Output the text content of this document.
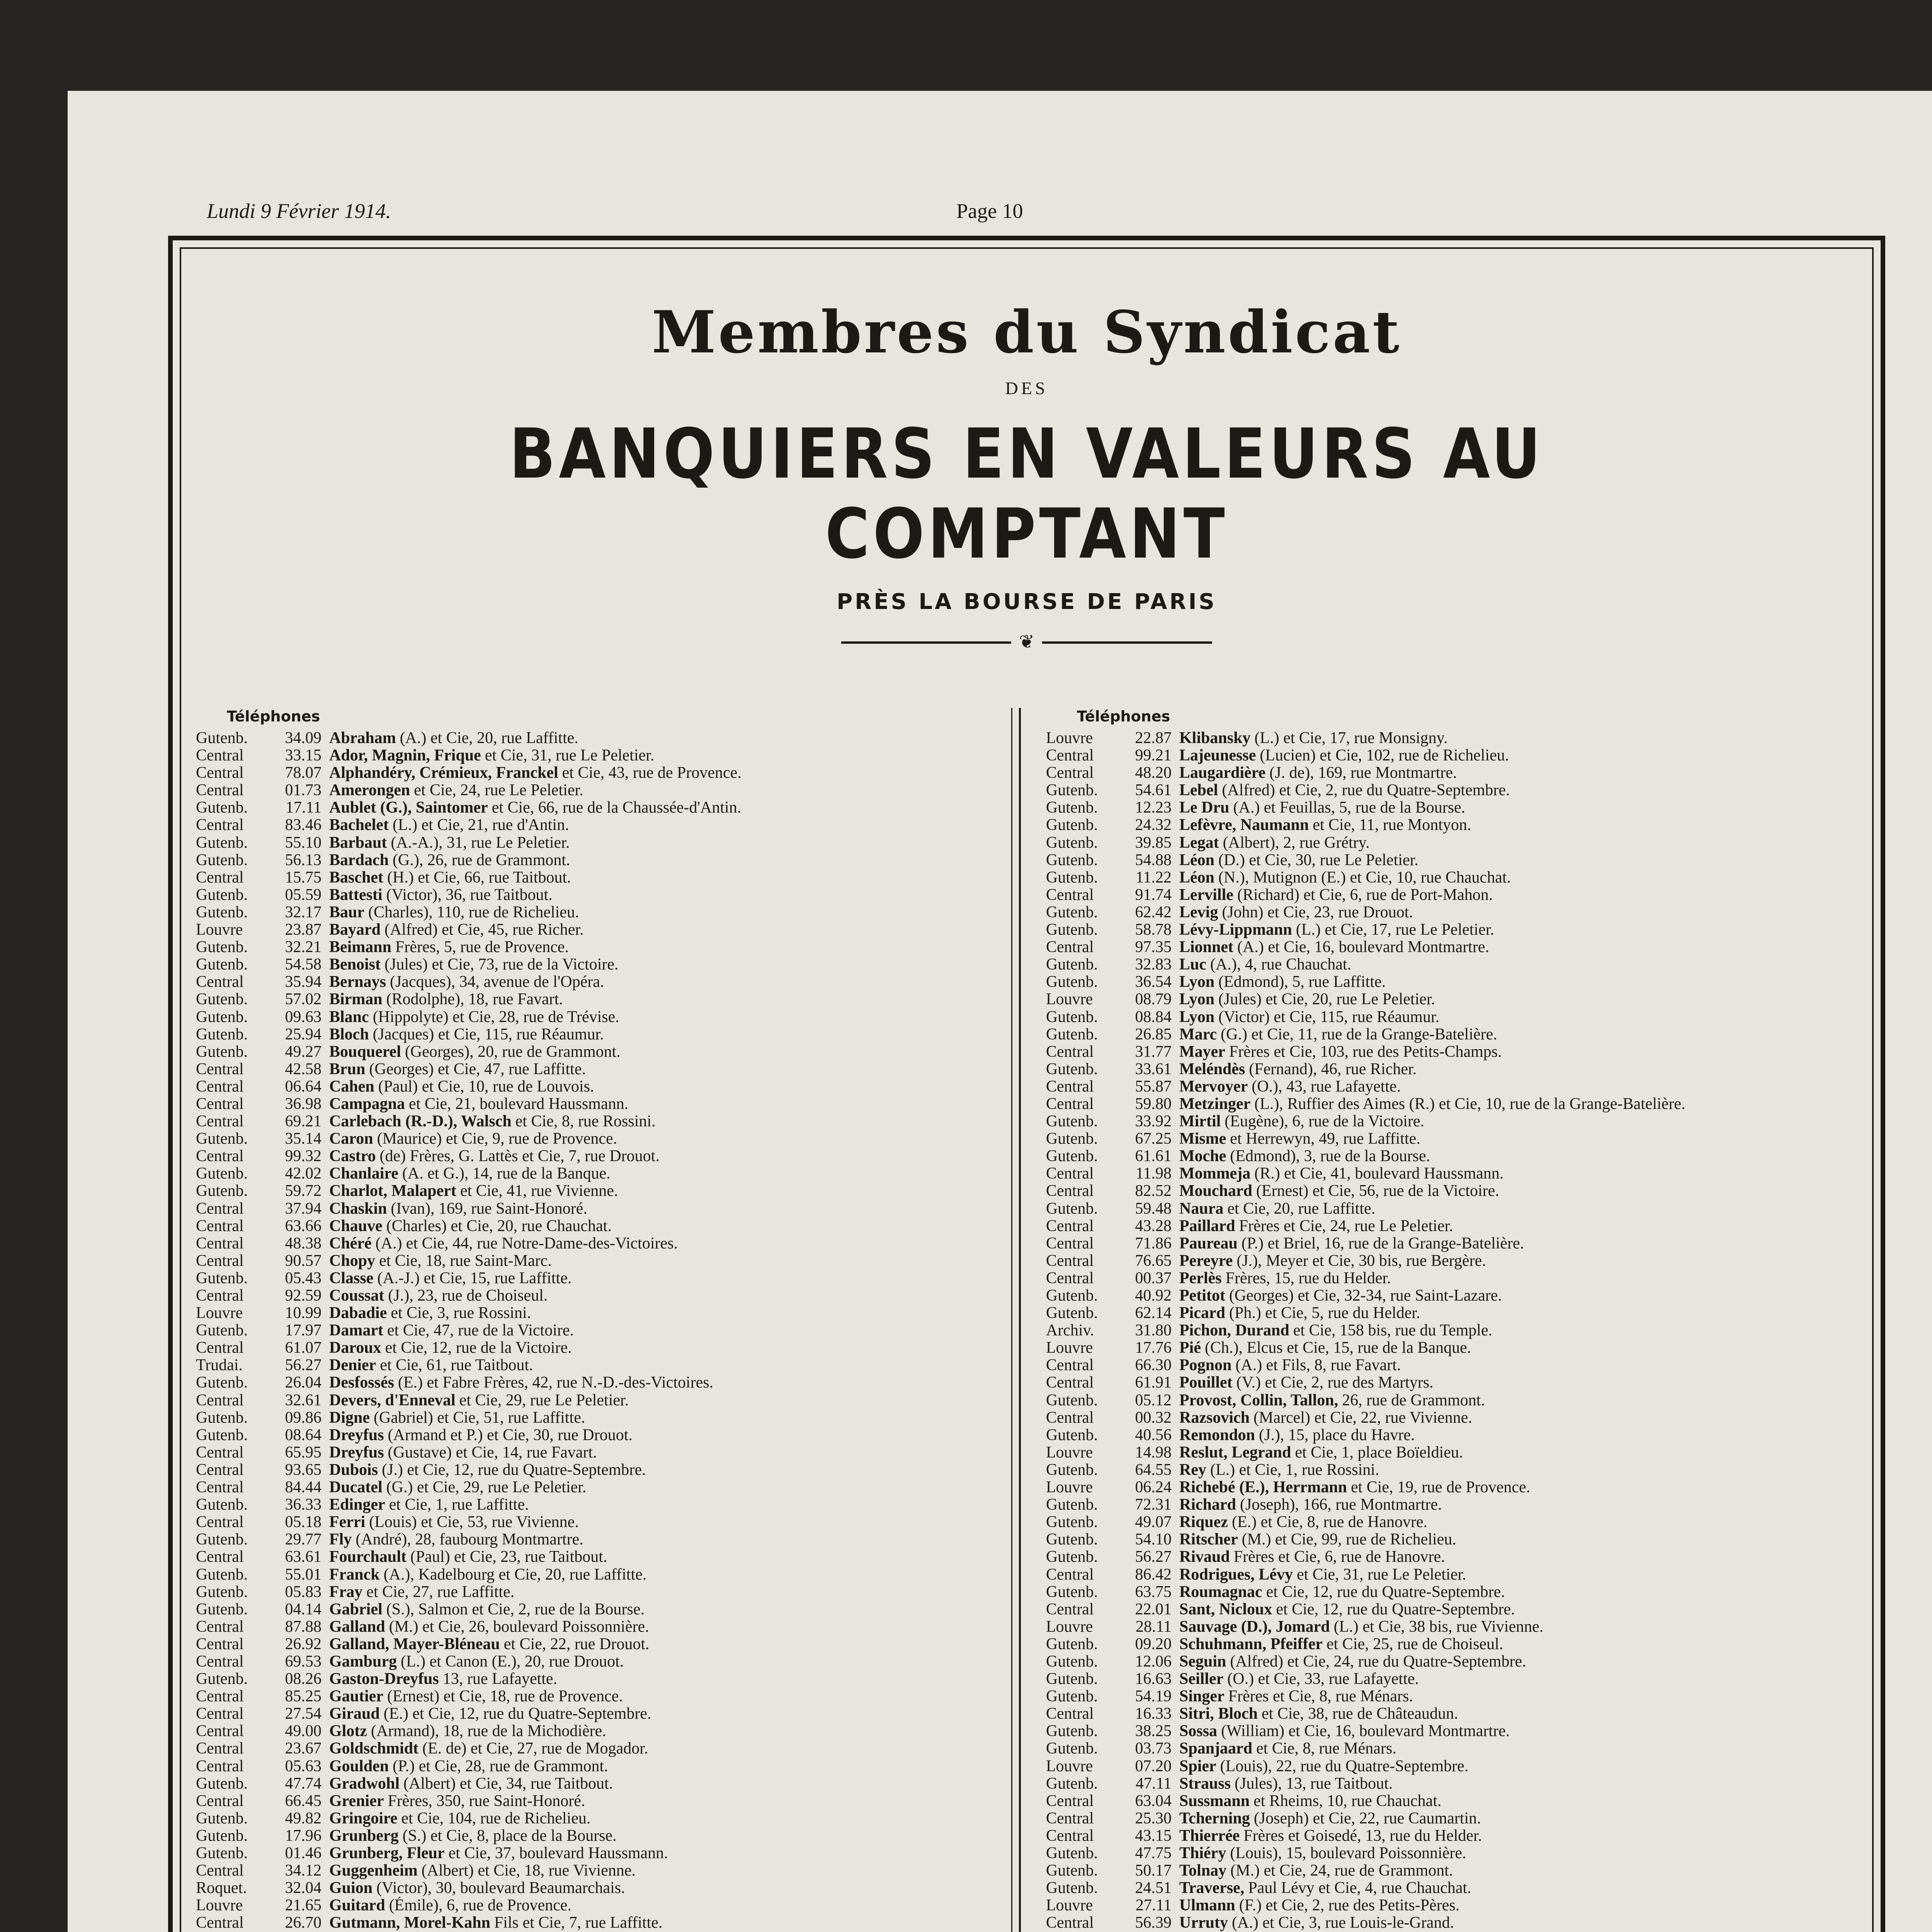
Lundi 9 Février 1914.	Page 10
Membres du Syndicat
DES
BANQUIERS EN VALEURS AU COMPTANT
PRÈS LA BOURSE DE PARIS
❦
Téléphones
Gutenb.	34.09 Abraham (A.) et Cie, 20, rue Laffitte.
Central	33.15 Ador, Magnin, Frique et Cie, 31, rue Le Peletier.
Central	78.07 Alphandéry, Crémieux, Franckel et Cie, 43, rue de Provence.
Central	01.73 Amerongen et Cie, 24, rue Le Peletier.
Gutenb.	17.11 Aublet (G.), Saintomer et Cie, 66, rue de la Chaussée-d'Antin.
Central	83.46 Bachelet (L.) et Cie, 21, rue d'Antin.
Gutenb.	55.10 Barbaut (A.-A.), 31, rue Le Peletier.
Gutenb.	56.13 Bardach (G.), 26, rue de Grammont.
Central	15.75 Baschet (H.) et Cie, 66, rue Taitbout.
Gutenb.	05.59 Battesti (Victor), 36, rue Taitbout.
Gutenb.	32.17 Baur (Charles), 110, rue de Richelieu.
Louvre	23.87 Bayard (Alfred) et Cie, 45, rue Richer.
Gutenb.	32.21 Beimann Frères, 5, rue de Provence.
Gutenb.	54.58 Benoist (Jules) et Cie, 73, rue de la Victoire.
Central	35.94 Bernays (Jacques), 34, avenue de l'Opéra.
Gutenb.	57.02 Birman (Rodolphe), 18, rue Favart.
Gutenb.	09.63 Blanc (Hippolyte) et Cie, 28, rue de Trévise.
Gutenb.	25.94 Bloch (Jacques) et Cie, 115, rue Réaumur.
Gutenb.	49.27 Bouquerel (Georges), 20, rue de Grammont.
Central	42.58 Brun (Georges) et Cie, 47, rue Laffitte.
Central	06.64 Cahen (Paul) et Cie, 10, rue de Louvois.
Central	36.98 Campagna et Cie, 21, boulevard Haussmann.
Central	69.21 Carlebach (R.-D.), Walsch et Cie, 8, rue Rossini.
Gutenb.	35.14 Caron (Maurice) et Cie, 9, rue de Provence.
Central	99.32 Castro (de) Frères, G. Lattès et Cie, 7, rue Drouot.
Gutenb.	42.02 Chanlaire (A. et G.), 14, rue de la Banque.
Gutenb.	59.72 Charlot, Malapert et Cie, 41, rue Vivienne.
Central	37.94 Chaskin (Ivan), 169, rue Saint-Honoré.
Central	63.66 Chauve (Charles) et Cie, 20, rue Chauchat.
Central	48.38 Chéré (A.) et Cie, 44, rue Notre-Dame-des-Victoires.
Central	90.57 Chopy et Cie, 18, rue Saint-Marc.
Gutenb.	05.43 Classe (A.-J.) et Cie, 15, rue Laffitte.
Central	92.59 Coussat (J.), 23, rue de Choiseul.
Louvre	10.99 Dabadie et Cie, 3, rue Rossini.
Gutenb.	17.97 Damart et Cie, 47, rue de la Victoire.
Central	61.07 Daroux et Cie, 12, rue de la Victoire.
Trudai.	56.27 Denier et Cie, 61, rue Taitbout.
Gutenb.	26.04 Desfossés (E.) et Fabre Frères, 42, rue N.-D.-des-Victoires.
Central	32.61 Devers, d'Enneval et Cie, 29, rue Le Peletier.
Gutenb.	09.86 Digne (Gabriel) et Cie, 51, rue Laffitte.
Gutenb.	08.64 Dreyfus (Armand et P.) et Cie, 30, rue Drouot.
Central	65.95 Dreyfus (Gustave) et Cie, 14, rue Favart.
Central	93.65 Dubois (J.) et Cie, 12, rue du Quatre-Septembre.
Central	84.44 Ducatel (G.) et Cie, 29, rue Le Peletier.
Gutenb.	36.33 Edinger et Cie, 1, rue Laffitte.
Central	05.18 Ferri (Louis) et Cie, 53, rue Vivienne.
Gutenb.	29.77 Fly (André), 28, faubourg Montmartre.
Central	63.61 Fourchault (Paul) et Cie, 23, rue Taitbout.
Gutenb.	55.01 Franck (A.), Kadelbourg et Cie, 20, rue Laffitte.
Gutenb.	05.83 Fray et Cie, 27, rue Laffitte.
Gutenb.	04.14 Gabriel (S.), Salmon et Cie, 2, rue de la Bourse.
Central	87.88 Galland (M.) et Cie, 26, boulevard Poissonnière.
Central	26.92 Galland, Mayer-Bléneau et Cie, 22, rue Drouot.
Central	69.53 Gamburg (L.) et Canon (E.), 20, rue Drouot.
Gutenb.	08.26 Gaston-Dreyfus 13, rue Lafayette.
Central	85.25 Gautier (Ernest) et Cie, 18, rue de Provence.
Central	27.54 Giraud (E.) et Cie, 12, rue du Quatre-Septembre.
Central	49.00 Glotz (Armand), 18, rue de la Michodière.
Central	23.67 Goldschmidt (E. de) et Cie, 27, rue de Mogador.
Central	05.63 Goulden (P.) et Cie, 28, rue de Grammont.
Gutenb.	47.74 Gradwohl (Albert) et Cie, 34, rue Taitbout.
Central	66.45 Grenier Frères, 350, rue Saint-Honoré.
Gutenb.	49.82 Gringoire et Cie, 104, rue de Richelieu.
Gutenb.	17.96 Grunberg (S.) et Cie, 8, place de la Bourse.
Gutenb.	01.46 Grunberg, Fleur et Cie, 37, boulevard Haussmann.
Central	34.12 Guggenheim (Albert) et Cie, 18, rue Vivienne.
Roquet.	32.04 Guion (Victor), 30, boulevard Beaumarchais.
Louvre	21.65 Guitard (Émile), 6, rue de Provence.
Central	26.70 Gutmann, Morel-Kahn Fils et Cie, 7, rue Laffitte.
Téléphones
Louvre	22.87 Klibansky (L.) et Cie, 17, rue Monsigny.
Central	99.21 Lajeunesse (Lucien) et Cie, 102, rue de Richelieu.
Central	48.20 Laugardière (J. de), 169, rue Montmartre.
Gutenb.	54.61 Lebel (Alfred) et Cie, 2, rue du Quatre-Septembre.
Gutenb.	12.23 Le Dru (A.) et Feuillas, 5, rue de la Bourse.
Gutenb.	24.32 Lefèvre, Naumann et Cie, 11, rue Montyon.
Gutenb.	39.85 Legat (Albert), 2, rue Grétry.
Gutenb.	54.88 Léon (D.) et Cie, 30, rue Le Peletier.
Gutenb.	11.22 Léon (N.), Mutignon (E.) et Cie, 10, rue Chauchat.
Central	91.74 Lerville (Richard) et Cie, 6, rue de Port-Mahon.
Gutenb.	62.42 Levig (John) et Cie, 23, rue Drouot.
Gutenb.	58.78 Lévy-Lippmann (L.) et Cie, 17, rue Le Peletier.
Central	97.35 Lionnet (A.) et Cie, 16, boulevard Montmartre.
Gutenb.	32.83 Luc (A.), 4, rue Chauchat.
Gutenb.	36.54 Lyon (Edmond), 5, rue Laffitte.
Louvre	08.79 Lyon (Jules) et Cie, 20, rue Le Peletier.
Gutenb.	08.84 Lyon (Victor) et Cie, 115, rue Réaumur.
Gutenb.	26.85 Marc (G.) et Cie, 11, rue de la Grange-Batelière.
Central	31.77 Mayer Frères et Cie, 103, rue des Petits-Champs.
Gutenb.	33.61 Meléndès (Fernand), 46, rue Richer.
Central	55.87 Mervoyer (O.), 43, rue Lafayette.
Central	59.80 Metzinger (L.), Ruffier des Aimes (R.) et Cie, 10, rue de la Grange-Batelière.
Gutenb.	33.92 Mirtil (Eugène), 6, rue de la Victoire.
Gutenb.	67.25 Misme et Herrewyn, 49, rue Laffitte.
Gutenb.	61.61 Moche (Edmond), 3, rue de la Bourse.
Central	11.98 Mommeja (R.) et Cie, 41, boulevard Haussmann.
Central	82.52 Mouchard (Ernest) et Cie, 56, rue de la Victoire.
Gutenb.	59.48 Naura et Cie, 20, rue Laffitte.
Central	43.28 Paillard Frères et Cie, 24, rue Le Peletier.
Central	71.86 Paureau (P.) et Briel, 16, rue de la Grange-Batelière.
Central	76.65 Pereyre (J.), Meyer et Cie, 30 bis, rue Bergère.
Central	00.37 Perlès Frères, 15, rue du Helder.
Gutenb.	40.92 Petitot (Georges) et Cie, 32-34, rue Saint-Lazare.
Gutenb.	62.14 Picard (Ph.) et Cie, 5, rue du Helder.
Archiv.	31.80 Pichon, Durand et Cie, 158 bis, rue du Temple.
Louvre	17.76 Pié (Ch.), Elcus et Cie, 15, rue de la Banque.
Central	66.30 Pognon (A.) et Fils, 8, rue Favart.
Central	61.91 Pouillet (V.) et Cie, 2, rue des Martyrs.
Gutenb.	05.12 Provost, Collin, Tallon, 26, rue de Grammont.
Central	00.32 Razsovich (Marcel) et Cie, 22, rue Vivienne.
Gutenb.	40.56 Remondon (J.), 15, place du Havre.
Louvre	14.98 Reslut, Legrand et Cie, 1, place Boïeldieu.
Gutenb.	64.55 Rey (L.) et Cie, 1, rue Rossini.
Louvre	06.24 Richebé (E.), Herrmann et Cie, 19, rue de Provence.
Gutenb.	72.31 Richard (Joseph), 166, rue Montmartre.
Gutenb.	49.07 Riquez (E.) et Cie, 8, rue de Hanovre.
Gutenb.	54.10 Ritscher (M.) et Cie, 99, rue de Richelieu.
Gutenb.	56.27 Rivaud Frères et Cie, 6, rue de Hanovre.
Central	86.42 Rodrigues, Lévy et Cie, 31, rue Le Peletier.
Gutenb.	63.75 Roumagnac et Cie, 12, rue du Quatre-Septembre.
Central	22.01 Sant, Nicloux et Cie, 12, rue du Quatre-Septembre.
Louvre	28.11 Sauvage (D.), Jomard (L.) et Cie, 38 bis, rue Vivienne.
Gutenb.	09.20 Schuhmann, Pfeiffer et Cie, 25, rue de Choiseul.
Gutenb.	12.06 Seguin (Alfred) et Cie, 24, rue du Quatre-Septembre.
Gutenb.	16.63 Seiller (O.) et Cie, 33, rue Lafayette.
Gutenb.	54.19 Singer Frères et Cie, 8, rue Ménars.
Central	16.33 Sitri, Bloch et Cie, 38, rue de Châteaudun.
Gutenb.	38.25 Sossa (William) et Cie, 16, boulevard Montmartre.
Gutenb.	03.73 Spanjaard et Cie, 8, rue Ménars.
Louvre	07.20 Spier (Louis), 22, rue du Quatre-Septembre.
Gutenb.	47.11 Strauss (Jules), 13, rue Taitbout.
Central	63.04 Sussmann et Rheims, 10, rue Chauchat.
Central	25.30 Tcherning (Joseph) et Cie, 22, rue Caumartin.
Central	43.15 Thierrée Frères et Goisedé, 13, rue du Helder.
Gutenb.	47.75 Thiéry (Louis), 15, boulevard Poissonnière.
Gutenb.	50.17 Tolnay (M.) et Cie, 24, rue de Grammont.
Gutenb.	24.51 Traverse, Paul Lévy et Cie, 4, rue Chauchat.
Louvre	27.11 Ulmann (F.) et Cie, 2, rue des Petits-Pères.
Central	56.39 Urruty (A.) et Cie, 3, rue Louis-le-Grand.
